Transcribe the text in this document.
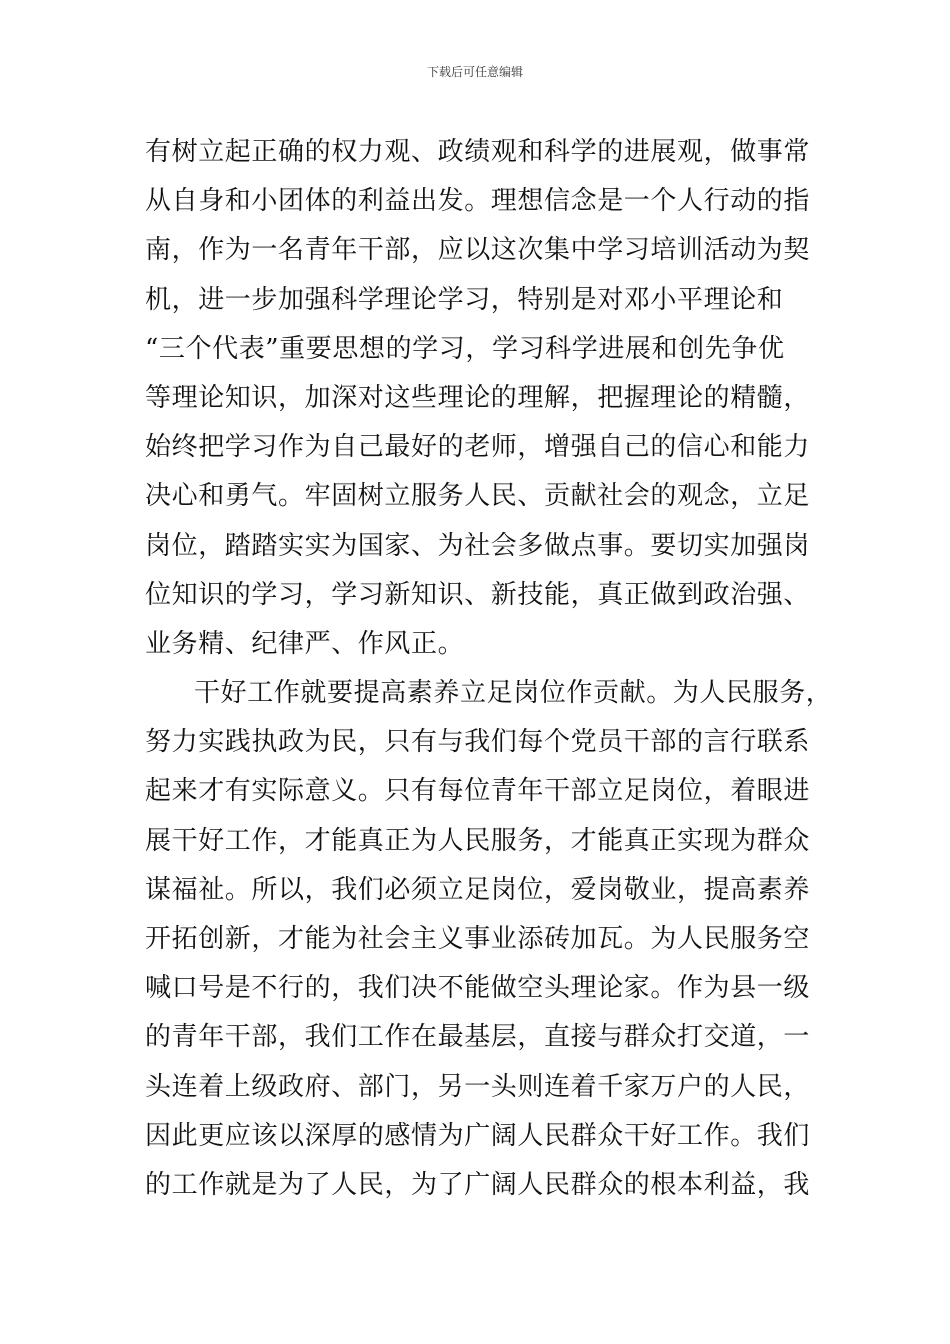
下载后可任意编辑
有树立起正确的权力观、政绩观和科学的进展观，做事常
从自身和小团体的利益出发。理想信念是一个人行动的指
南，作为一名青年干部，应以这次集中学习培训活动为契
机，进一步加强科学理论学习，特别是对邓小平理论和
“三个代表”重要思想的学习，学习科学进展和创先争优
等理论知识，加深对这些理论的理解，把握理论的精髓，
始终把学习作为自己最好的老师，增强自己的信心和能力
决心和勇气。牢固树立服务人民、贡献社会的观念，立足
岗位，踏踏实实为国家、为社会多做点事。要切实加强岗
位知识的学习，学习新知识、新技能，真正做到政治强、
业务精、纪律严、作风正。
干好工作就要提高素养立足岗位作贡献。为人民服务，
努力实践执政为民，只有与我们每个党员干部的言行联系
起来才有实际意义。只有每位青年干部立足岗位，着眼进
展干好工作，才能真正为人民服务，才能真正实现为群众
谋福祉。所以，我们必须立足岗位，爱岗敬业，提高素养
开拓创新，才能为社会主义事业添砖加瓦。为人民服务空
喊口号是不行的，我们决不能做空头理论家。作为县一级
的青年干部，我们工作在最基层，直接与群众打交道，一
头连着上级政府、部门，另一头则连着千家万户的人民，
因此更应该以深厚的感情为广阔人民群众干好工作。我们
的工作就是为了人民，为了广阔人民群众的根本利益，我
